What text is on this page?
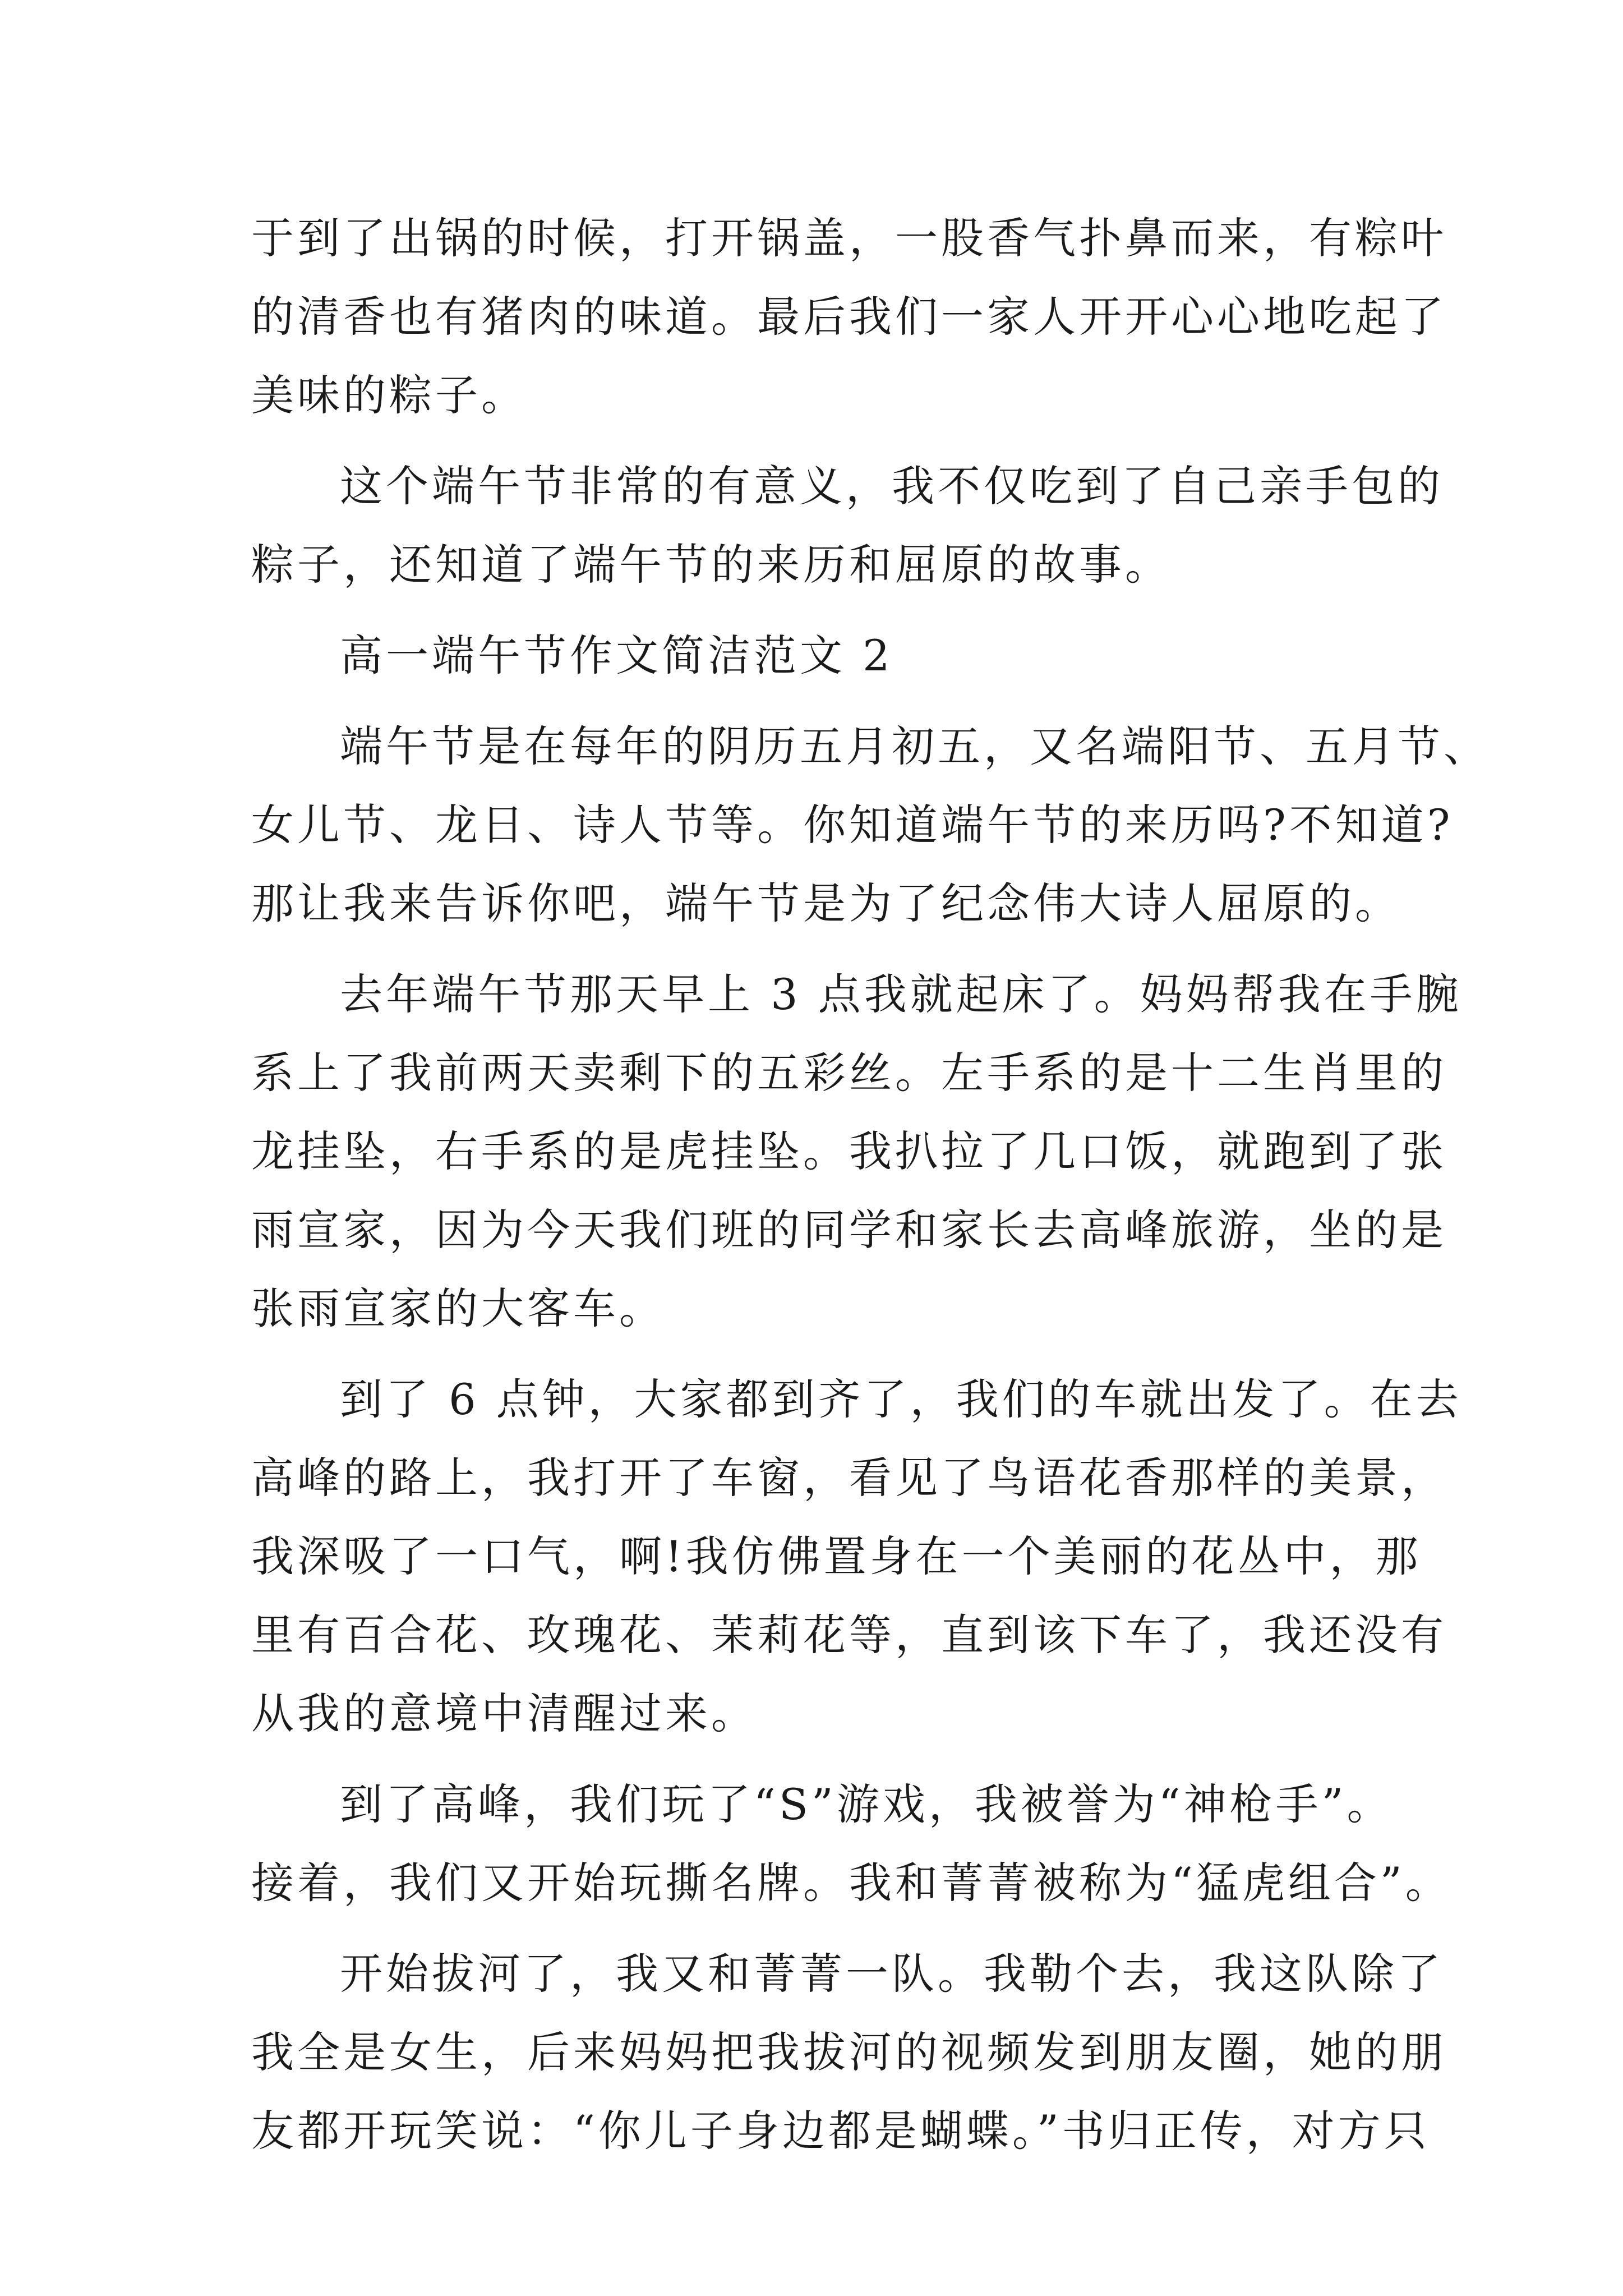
于到了出锅的时候，打开锅盖，一股香气扑鼻而来，有粽叶
的清香也有猪肉的味道。最后我们一家人开开心心地吃起了
美味的粽子。
这个端午节非常的有意义，我不仅吃到了自己亲手包的
粽子，还知道了端午节的来历和屈原的故事。
高一端午节作文简洁范文 2
端午节是在每年的阴历五月初五，又名端阳节、五月节、
女儿节、龙日、诗人节等。你知道端午节的来历吗?不知道?
那让我来告诉你吧，端午节是为了纪念伟大诗人屈原的。
去年端午节那天早上 3 点我就起床了。妈妈帮我在手腕
系上了我前两天卖剩下的五彩丝。左手系的是十二生肖里的
龙挂坠，右手系的是虎挂坠。我扒拉了几口饭，就跑到了张
雨宣家，因为今天我们班的同学和家长去高峰旅游，坐的是
张雨宣家的大客车。
到了 6 点钟，大家都到齐了，我们的车就出发了。在去
高峰的路上，我打开了车窗，看见了鸟语花香那样的美景，
我深吸了一口气，啊!我仿佛置身在一个美丽的花丛中，那
里有百合花、玫瑰花、茉莉花等，直到该下车了，我还没有
从我的意境中清醒过来。
到了高峰，我们玩了“S”游戏，我被誉为“神枪手”。
接着，我们又开始玩撕名牌。我和菁菁被称为“猛虎组合”。
开始拔河了，我又和菁菁一队。我勒个去，我这队除了
我全是女生，后来妈妈把我拔河的视频发到朋友圈，她的朋
友都开玩笑说：“你儿子身边都是蝴蝶。”书归正传，对方只
